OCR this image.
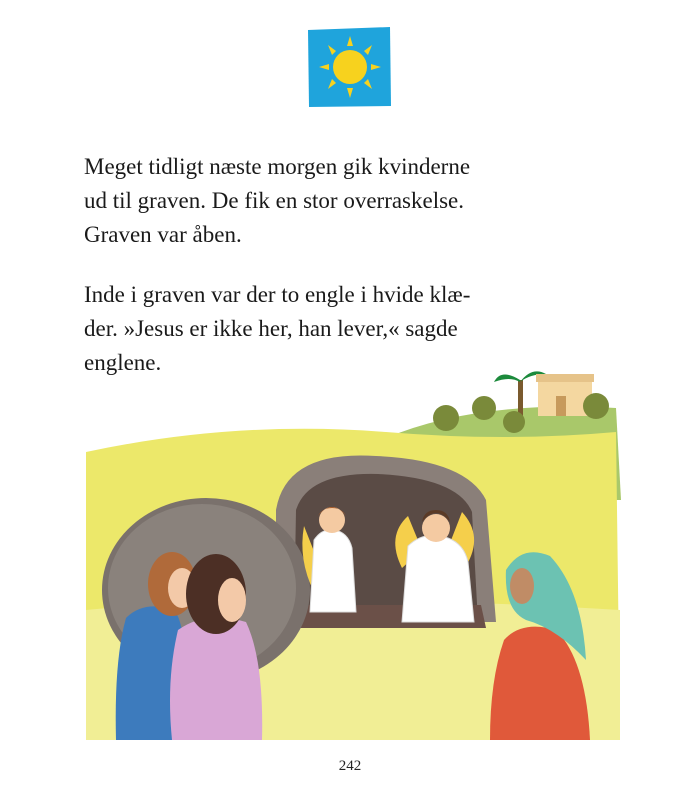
Meget tidligt næste morgen gik kvinderne
ud til graven. De fik en stor overraskelse.
Graven var åben.

Inde i graven var der to engle i hvide klæ-
der. »Jesus er ikke her, han lever,« sagde
englene.

242
